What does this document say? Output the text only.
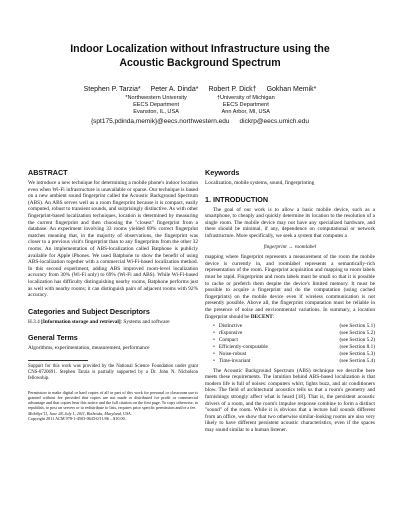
Indoor Localization without Infrastructure using the
Acoustic Background Spectrum
Stephen P. Tarzia* Peter A. Dinda* Robert P. Dick† Gokhan Memik*
*Northwestern University
EECS Department
Evanston, IL, USA
†University of Michigan
EECS Department
Ann Arbor, MI, USA
{spt175,pdinda,memik}@eecs.northwestern.edu dickrp@eecs.umich.edu
ABSTRACT

We introduce a new technique for determining a mobile phone's indoor location even when Wi-Fi infrastructure is unavailable or sparse. Our technique is based on a new ambient sound fingerprint called the Acoustic Background Spectrum (ABS). An ABS serves well as a room fingerprint because it is compact, easily computed, robust to transient sounds, and surprisingly distinctive. As with other fingerprint-based localization techniques, location is determined by measuring the current fingerprint and then choosing the "closest" fingerprint from a database. An experiment involving 33 rooms yielded 69% correct fingerprint matches meaning that, in the majority of observations, the fingerprint was closer to a previous visit's fingerprint than to any fingerprints from the other 32 rooms. An implementation of ABS-localization called Batphone is publicly available for Apple iPhones. We used Batphone to show the benefit of using ABS-localization together with a commercial Wi-Fi-based localization method. In this second experiment, adding ABS improved room-level localization accuracy from 30% (Wi-Fi only) to 69% (Wi-Fi and ABS). While Wi-Fi-based localization has difficulty distinguishing nearby rooms, Batphone performs just as well with nearby rooms; it can distinguish pairs of adjacent rooms with 92% accuracy.

Categories and Subject Descriptors

H.3.4 [Information storage and retrieval]: Systems and software

General Terms

Algorithms, experimentation, measurement, performance

Support for this work was provided by the National Science Foundation under grant CNS-0720691. Stephen Tarzia is partially supported by a Dr. John N. Nicholson fellowship.

Permission to make digital or hard copies of all or part of this work for personal or classroom use is granted without fee provided that copies are not made or distributed for profit or commercial advantage and that copies bear this notice and the full citation on the first page. To copy otherwise, to republish, to post on servers or to redistribute to lists, requires prior specific permission and/or a fee.

MobiSys'11, June 28–July 1, 2011, Bethesda, Maryland, USA.

Copyright 2011 ACM 978-1-4503-0643-0/11/06 ...$10.00.

Keywords

Localization, mobile systems, sound, fingerprinting

1. INTRODUCTION

The goal of our work is to allow a basic mobile device, such as a smartphone, to cheaply and quickly determine its location to the resolution of a single room. The mobile device may not have any specialized hardware, and there should be minimal, if any, dependence on computational or network infrastructure. More specifically, we seek a system that computes a

fingerprint → roomlabel

mapping where fingerprint represents a measurement of the room the mobile device is currently in, and roomlabel represents a semantically-rich representation of the room. Fingerprint acquisition and mapping to room labels must be rapid. Fingerprints and room labels must be small so that it is possible to cache or prefetch them despite the device's limited memory. It must be possible to acquire a fingerprint and do the computation (using cached fingerprints) on the mobile device even if wireless communication is not presently possible. Above all, the fingerprint computation must be reliable in the presence of noise and environmental variations. In summary, a location fingerprint should be DECENT:

• Distinctive	(see Section 5.1)
• rEsponsive	(see Section 5.2)
• Compact	(see Section 5.2)
• Efficiently-computable	(see Section 8.1)
• Noise-robust	(see Section 5.3)
• Time-invariant	(see Section 5.4)

The Acoustic Background Spectrum (ABS) technique we describe here meets these requirements. The intuition behind ABS-based localization is that modern life is full of noises: computers whirr, lights buzz, and air conditioners blow. The field of architectural acoustics tells us that a room's geometry and furnishings strongly affect what is heard [18]. That is, the persistent acoustic drivers of a room, and the room's impulse response combine to form a distinct "sound" of the room. While it is obvious that a lecture hall sounds different from an office, we show that two otherwise similar-looking rooms are also very likely to have different persistent acoustic characteristics, even if the spaces may sound similar to a human listener.
